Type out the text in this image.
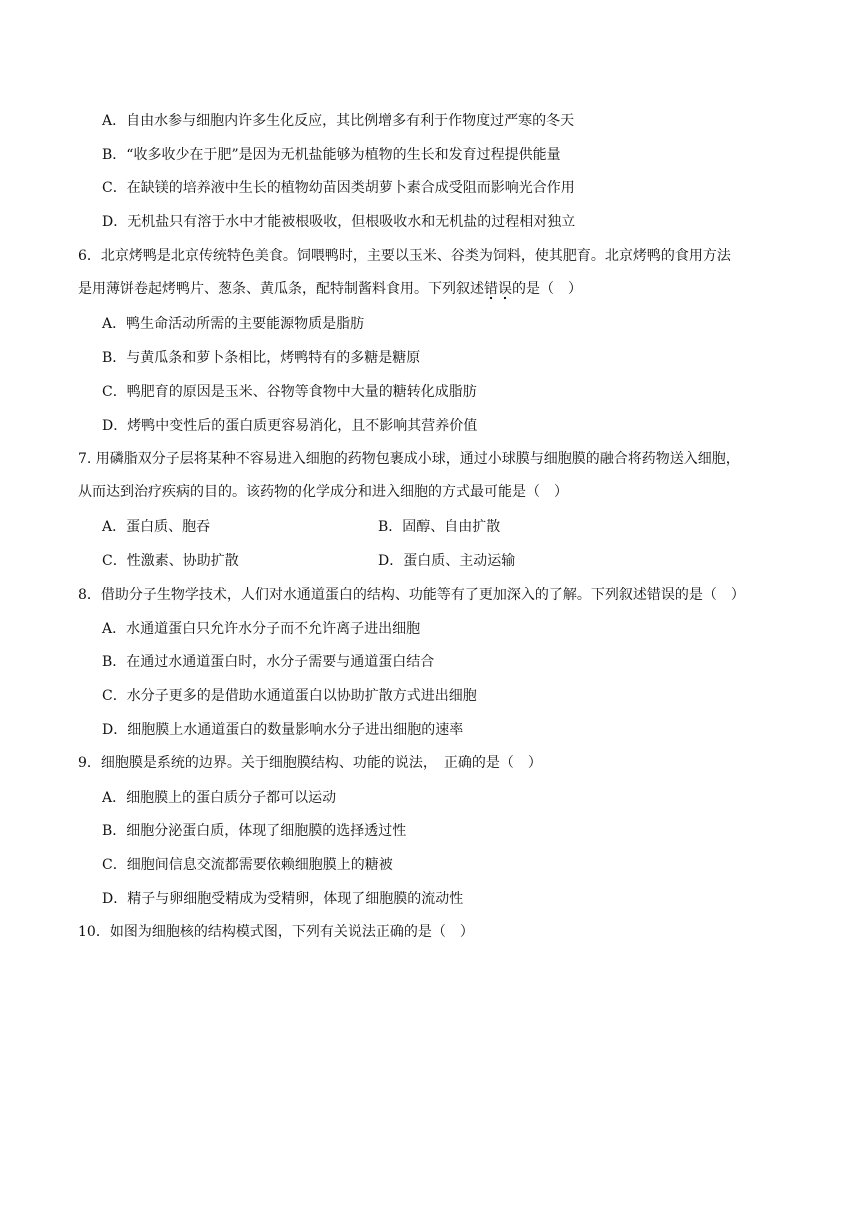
A．自由水参与细胞内许多生化反应，其比例增多有利于作物度过严寒的冬天
B．“收多收少在于肥”是因为无机盐能够为植物的生长和发育过程提供能量
C．在缺镁的培养液中生长的植物幼苗因类胡萝卜素合成受阻而影响光合作用
D．无机盐只有溶于水中才能被根吸收，但根吸收水和无机盐的过程相对独立
6．北京烤鸭是北京传统特色美食。饲喂鸭时，主要以玉米、谷类为饲料，使其肥育。北京烤鸭的食用方法
是用薄饼卷起烤鸭片、葱条、黄瓜条，配特制酱料食用。下列叙述错误的是（　）
A．鸭生命活动所需的主要能源物质是脂肪
B．与黄瓜条和萝卜条相比，烤鸭特有的多糖是糖原
C．鸭肥育的原因是玉米、谷物等食物中大量的糖转化成脂肪
D．烤鸭中变性后的蛋白质更容易消化，且不影响其营养价值
7. 用磷脂双分子层将某种不容易进入细胞的药物包裹成小球，通过小球膜与细胞膜的融合将药物送入细胞，
从而达到治疗疾病的目的。该药物的化学成分和进入细胞的方式最可能是（　）
A．蛋白质、胞吞	B．固醇、自由扩散
C．性激素、协助扩散	D．蛋白质、主动运输
8．借助分子生物学技术，人们对水通道蛋白的结构、功能等有了更加深入的了解。下列叙述错误的是（　）
A．水通道蛋白只允许水分子而不允许离子进出细胞
B．在通过水通道蛋白时，水分子需要与通道蛋白结合
C．水分子更多的是借助水通道蛋白以协助扩散方式进出细胞
D．细胞膜上水通道蛋白的数量影响水分子进出细胞的速率
9．细胞膜是系统的边界。关于细胞膜结构、功能的说法，　正确的是（　）
A．细胞膜上的蛋白质分子都可以运动
B．细胞分泌蛋白质，体现了细胞膜的选择透过性
C．细胞间信息交流都需要依赖细胞膜上的糖被
D．精子与卵细胞受精成为受精卵，体现了细胞膜的流动性
10．如图为细胞核的结构模式图，下列有关说法正确的是（　）
